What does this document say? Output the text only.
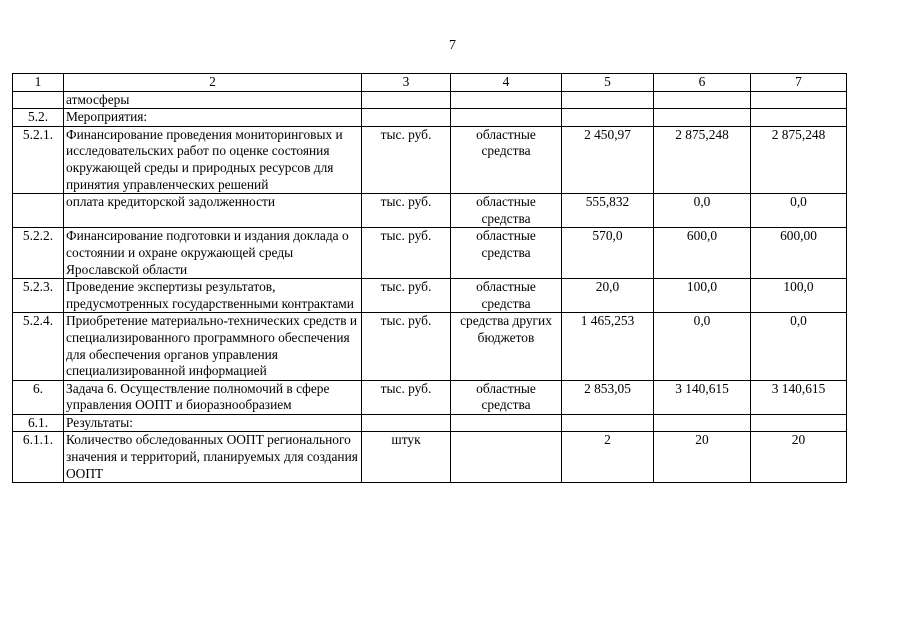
7
1	2	3	4	5	6	7
	атмосферы					
5.2.	Мероприятия:					
5.2.1.	Финансирование проведения мониторинговых и исследовательских работ по оценке состояния окружающей среды и природных ресурсов для принятия управленческих решений	тыс. руб.	областные средства	2 450,97	2 875,248	2 875,248
	оплата кредиторской задолженности	тыс. руб.	областные средства	555,832	0,0	0,0
5.2.2.	Финансирование подготовки и издания доклада о состоянии и охране окружающей среды Ярославской области	тыс. руб.	областные средства	570,0	600,0	600,00
5.2.3.	Проведение экспертизы результатов, предусмотренных государственными контрактами	тыс. руб.	областные средства	20,0	100,0	100,0
5.2.4.	Приобретение материально-технических средств и специализированного программного обеспечения для обеспечения органов управления специализированной информацией	тыс. руб.	средства других бюджетов	1 465,253	0,0	0,0
6.	Задача 6. Осуществление полномочий в сфере управления ООПТ и биоразнообразием	тыс. руб.	областные средства	2 853,05	3 140,615	3 140,615
6.1.	Результаты:					
6.1.1.	Количество обследованных ООПТ регионального значения и территорий, планируемых для создания ООПТ	штук		2	20	20
